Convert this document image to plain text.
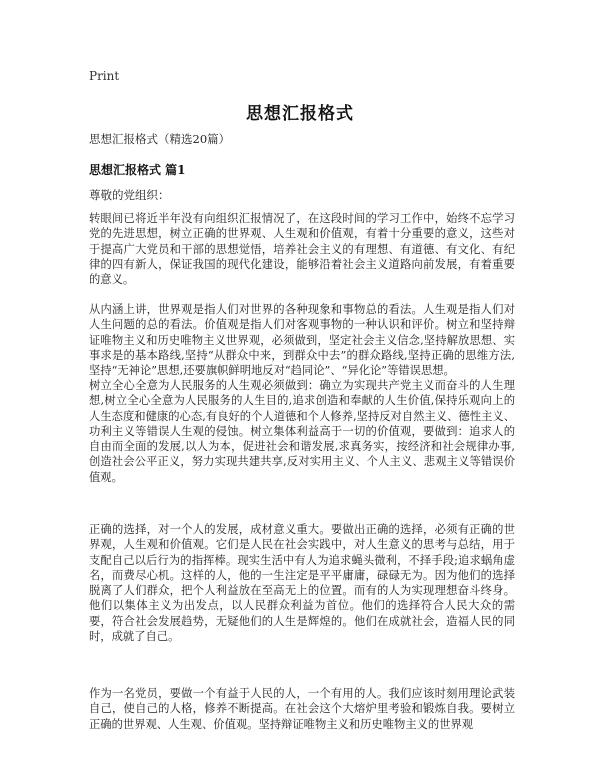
Print
思想汇报格式
思想汇报格式（精选20篇）
思想汇报格式 篇1
尊敬的党组织：

转眼间已将近半年没有向组织汇报情况了，在这段时间的学习工作中，始终不忘学习党的先进思想，树立正确的世界观、人生观和价值观，有着十分重要的意义，这些对于提高广大党员和干部的思想觉悟，培养社会主义的有理想、有道德、有文化、有纪律的四有新人，保证我国的现代化建设，能够沿着社会主义道路向前发展，有着重要的意义。

从内涵上讲，世界观是指人们对世界的各种现象和事物总的看法。人生观是指人们对人生问题的总的看法。价值观是指人们对客观事物的一种认识和评价。树立和坚持辩证唯物主义和历史唯物主义世界观，必须做到，坚定社会主义信念,坚持解放思想、实事求是的基本路线,坚持“从群众中来，到群众中去”的群众路线,坚持正确的思维方法,坚持“无神论”思想,还要旗帜鲜明地反对“趋同论”、“异化论”等错误思想。

树立全心全意为人民服务的人生观必须做到：确立为实现共产党主义而奋斗的人生理想,树立全心全意为人民服务的人生目的,追求创造和奉献的人生价值,保持乐观向上的人生态度和健康的心态,有良好的个人道德和个人修养,坚持反对自然主义、德性主义、功利主义等错误人生观的侵蚀。树立集体利益高于一切的价值观，要做到：追求人的自由而全面的发展,以人为本，促进社会和谐发展,求真务实，按经济和社会规律办事,创造社会公平正义，努力实现共建共享,反对实用主义、个人主义、悲观主义等错误价值观。

正确的选择，对一个人的发展，成材意义重大。要做出正确的选择，必须有正确的世界观，人生观和价值观。它们是人民在社会实践中，对人生意义的思考与总结，用于支配自己以后行为的指挥棒。现实生活中有人为追求蝇头微利，不择手段;追求蜗角虚名，而费尽心机。这样的人，他的一生注定是平平庸庸，碌碌无为。因为他们的选择脱离了人们群众，把个人利益放在至高无上的位置。而有的人为实现理想奋斗终身。他们以集体主义为出发点，以人民群众利益为首位。他们的选择符合人民大众的需要，符合社会发展趋势，无疑他们的人生是辉煌的。他们在成就社会，造福人民的同时，成就了自己。

作为一名党员，要做一个有益于人民的人，一个有用的人。我们应该时刻用理论武装自己，使自己的人格，修养不断提高。在社会这个大熔炉里考验和锻炼自我。要树立正确的世界观、人生观、价值观。坚持辩证唯物主义和历史唯物主义的世界观
